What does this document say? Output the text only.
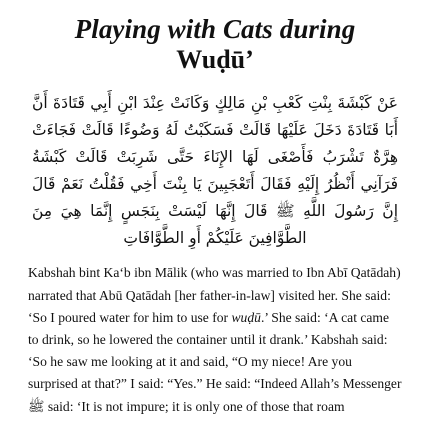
Playing with Cats during
Wuḍū’

عَنْ كَبْشَةَ بِنْتِ كَعْبِ بْنِ مَالِكٍ وَكَانَتْ عِنْدَ ابْنِ أَبِي قَتَادَةَ أَنَّ أَبَا قَتَادَةَ دَخَلَ عَلَيْهَا قَالَتْ فَسَكَبْتُ لَهُ وَضُوءًا قَالَتْ فَجَاءَتْ هِرَّةٌ تَشْرَبُ فَأَصْغَى لَهَا الإِنَاءَ حَتَّى شَرِبَتْ قَالَتْ كَبْشَةُ فَرَآنِي أَنْظُرُ إِلَيْهِ فَقَالَ أَتَعْجَبِينَ يَا بِنْتَ أَخِي فَقُلْتُ نَعَمْ قَالَ إِنَّ رَسُولَ اللَّهِ ﷺ قَالَ إِنَّهَا لَيْسَتْ بِنَجَسٍ إِنَّمَا هِيَ مِنَ الطَّوَّافِينَ عَلَيْكُمْ أَوِ الطَّوَّافَاتِ

Kabshah bint Ka‘b ibn Mālik (who was married to Ibn Abī Qatādah) narrated that Abū Qatādah [her father-in-law] visited her. She said: ‘So I poured water for him to use for wuḍū.’ She said: ‘A cat came to drink, so he lowered the container until it drank.’ Kabshah said: ‘So he saw me looking at it and said, “O my niece! Are you surprised at that?” I said: “Yes.” He said: “Indeed Allah’s Messenger ﷺ said: ‘It is not impure; it is only one of those that roam
